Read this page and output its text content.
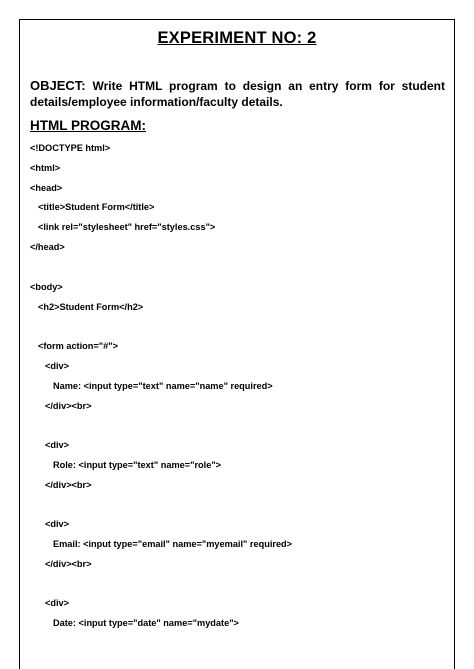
EXPERIMENT NO: 2
OBJECT: Write HTML program to design an entry form for student details/employee information/faculty details.
HTML PROGRAM:
<!DOCTYPE html>
<html>
<head>
<title>Student Form</title>
<link rel="stylesheet" href="styles.css">
</head>
<body>
<h2>Student Form</h2>
<form action="#">
<div>
Name: <input type="text" name="name" required>
</div><br>
<div>
Role: <input type="text" name="role">
</div><br>
<div>
Email: <input type="email" name="myemail" required>
</div><br>
<div>
Date: <input type="date" name="mydate">
